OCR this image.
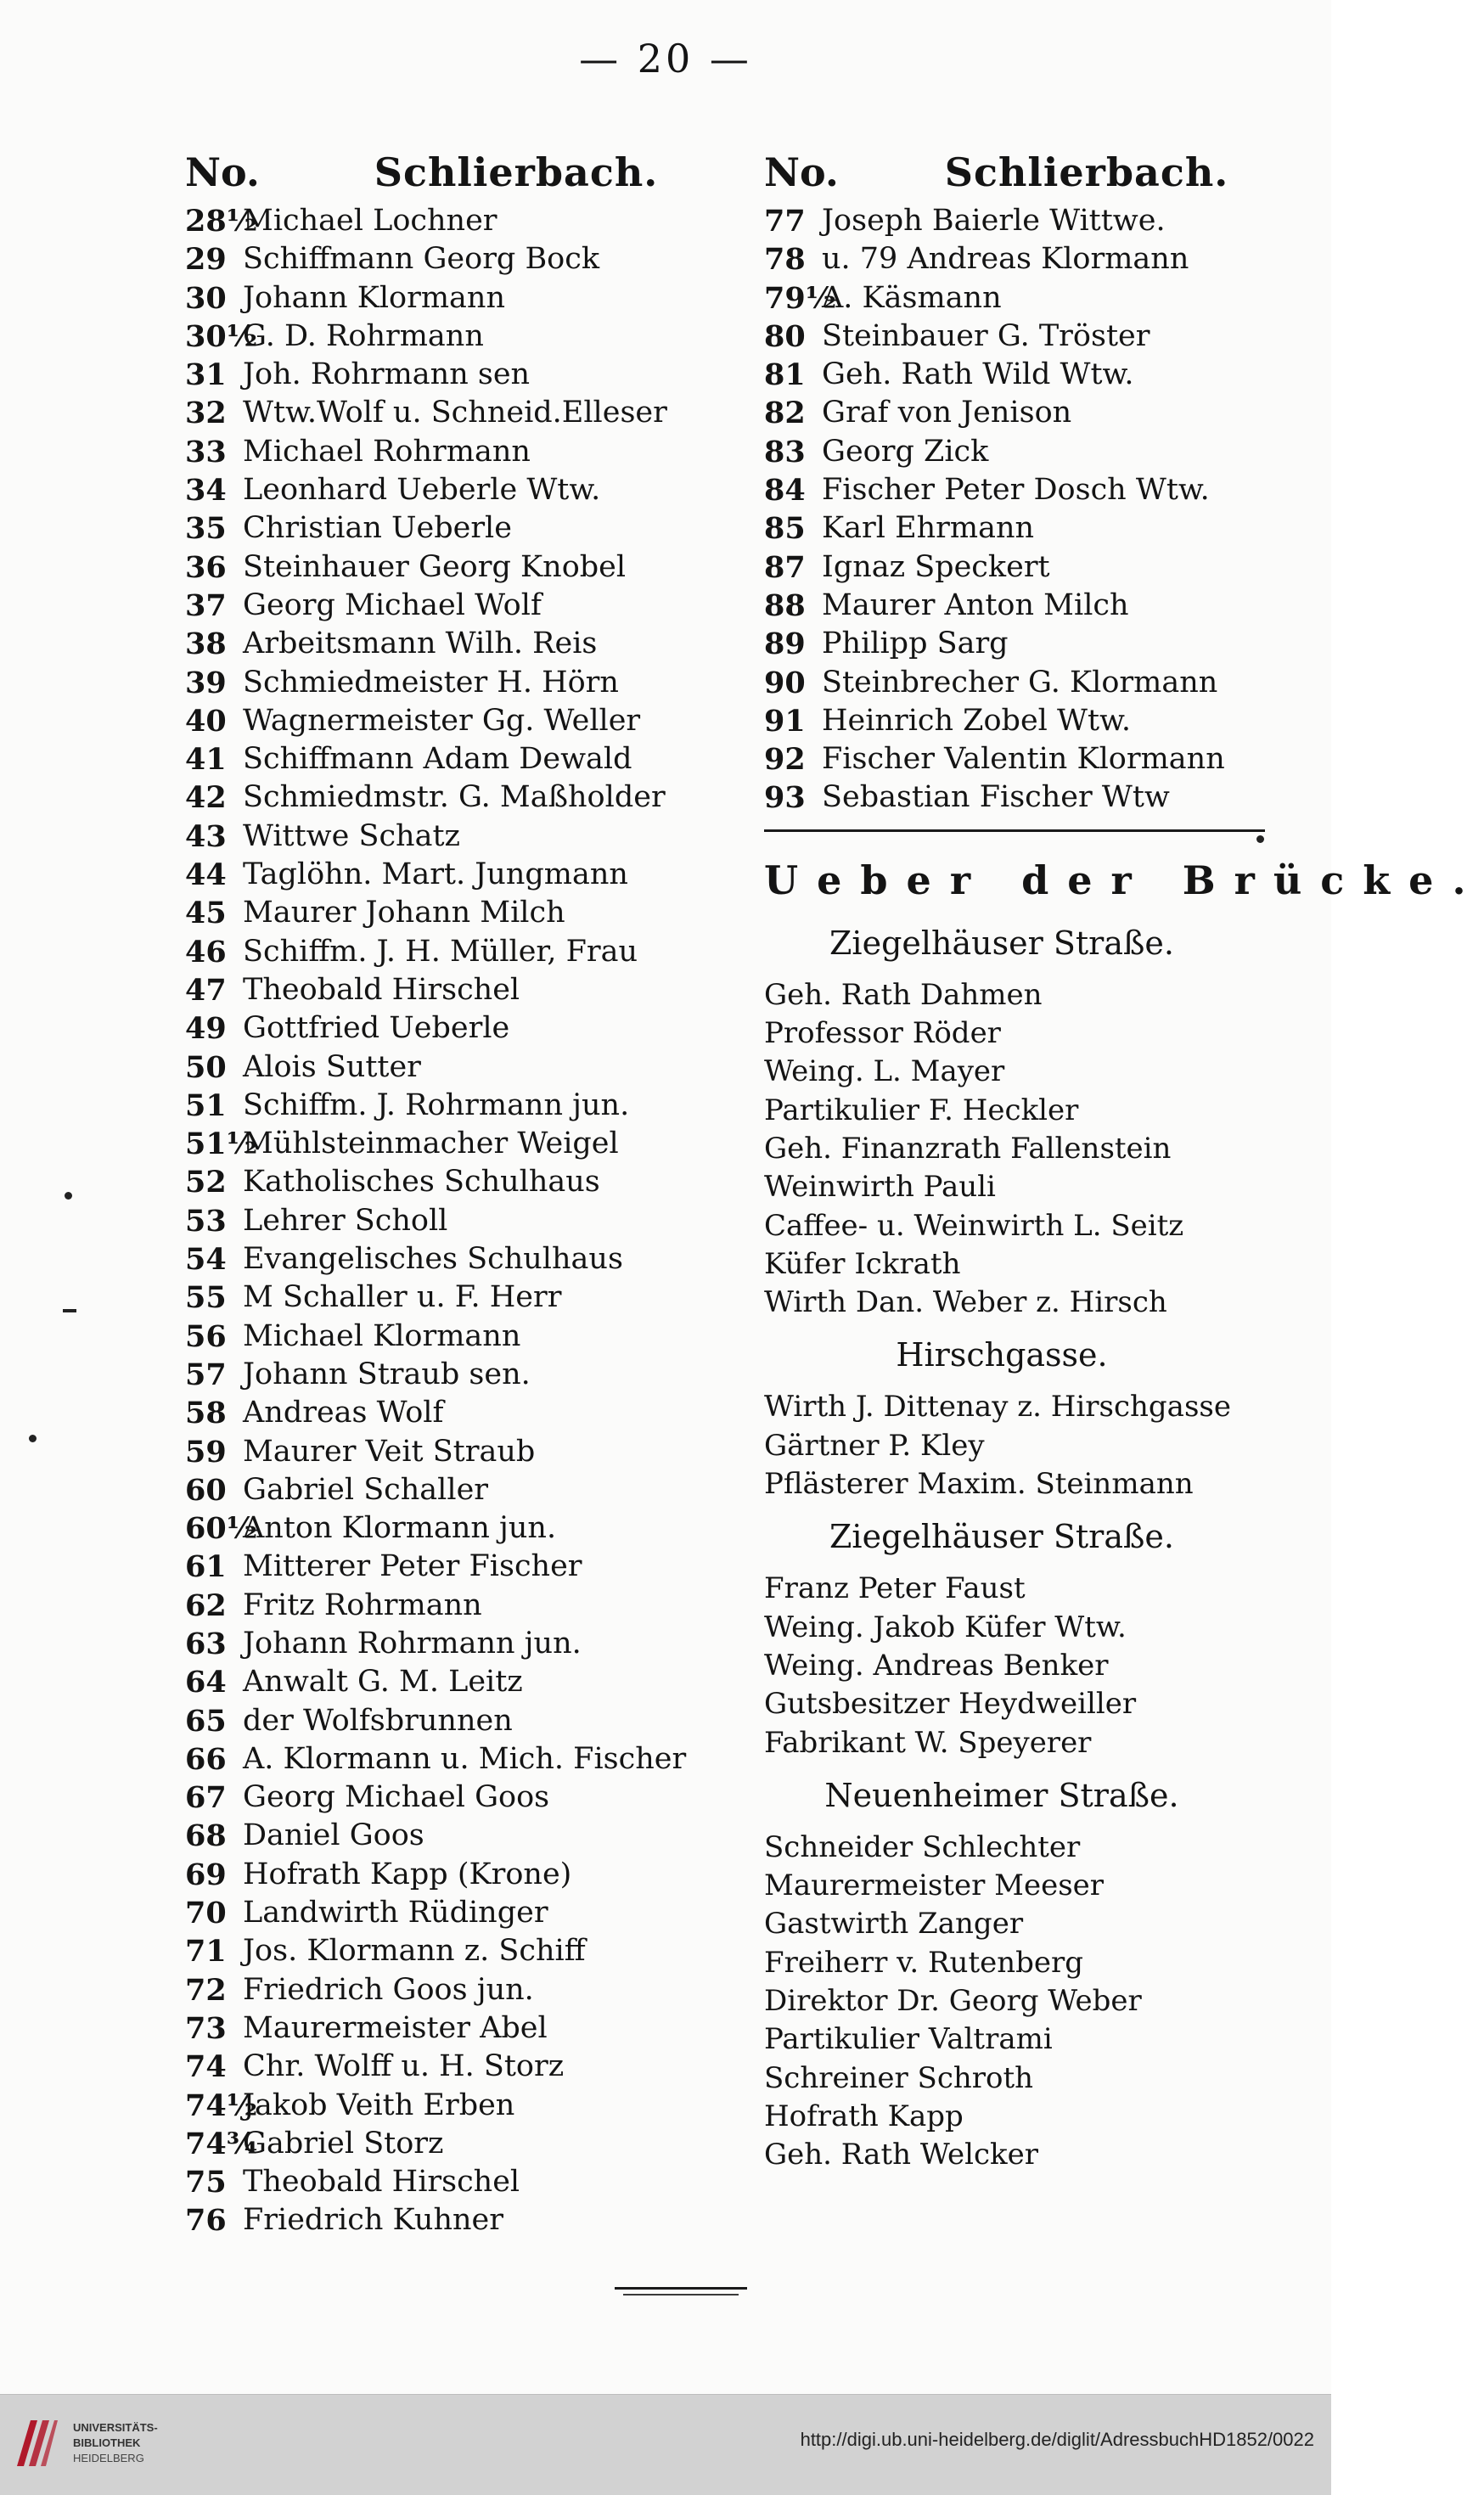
— 20 —
No.	Schlierbach.
28½
Michael Lochner
29 Schiffmann Georg Bock
30 Johann Klormann
30½
G. D. Rohrmann
31 Joh. Rohrmann sen
32 Wtw.Wolf u. Schneid.Elleser
33 Michael Rohrmann
34 Leonhard Ueberle Wtw.
35 Christian Ueberle
36 Steinhauer Georg Knobel
37 Georg Michael Wolf
38 Arbeitsmann Wilh. Reis
39 Schmiedmeister H. Hörn
40 Wagnermeister Gg. Weller
41 Schiffmann Adam Dewald
42 Schmiedmstr. G. Maßholder
43 Wittwe Schatz
44 Taglöhn. Mart. Jungmann
45 Maurer Johann Milch
46 Schiffm. J. H. Müller, Frau
47 Theobald Hirschel
49 Gottfried Ueberle
50 Alois Sutter
51 Schiffm. J. Rohrmann jun.
51½
Mühlsteinmacher Weigel
52 Katholisches Schulhaus
53 Lehrer Scholl
54 Evangelisches Schulhaus
55 M Schaller u. F. Herr
56 Michael Klormann
57 Johann Straub sen.
58 Andreas Wolf
59 Maurer Veit Straub
60 Gabriel Schaller
60½
Anton Klormann jun.
61 Mitterer Peter Fischer
62 Fritz Rohrmann
63 Johann Rohrmann jun.
64 Anwalt G. M. Leitz
65 der Wolfsbrunnen
66 A. Klormann u. Mich. Fischer
67 Georg Michael Goos
68 Daniel Goos
69 Hofrath Kapp (Krone)
70 Landwirth Rüdinger
71 Jos. Klormann z. Schiff
72 Friedrich Goos jun.
73 Maurermeister Abel
74 Chr. Wolff u. H. Storz
74½
Jakob Veith Erben
74¾
Gabriel Storz
75 Theobald Hirschel
76 Friedrich Kuhner
No.	Schlierbach.
77 Joseph Baierle Wittwe.
78 u. 79 Andreas Klormann
79½
A. Käsmann
80 Steinbauer G. Tröster
81 Geh. Rath Wild Wtw.
82 Graf von Jenison
83 Georg Zick
84 Fischer Peter Dosch Wtw.
85 Karl Ehrmann
87 Ignaz Speckert
88 Maurer Anton Milch
89 Philipp Sarg
90 Steinbrecher G. Klormann
91 Heinrich Zobel Wtw.
92 Fischer Valentin Klormann
93 Sebastian Fischer Wtw
Ueber der Brücke.
Ziegelhäuser Straße.
Geh. Rath Dahmen
Professor Röder
Weing. L. Mayer
Partikulier F. Heckler
Geh. Finanzrath Fallenstein
Weinwirth Pauli
Caffee- u. Weinwirth L. Seitz
Küfer Ickrath
Wirth Dan. Weber z. Hirsch
Hirschgasse.
Wirth J. Dittenay z. Hirschgasse
Gärtner P. Kley
Pflästerer Maxim. Steinmann
Ziegelhäuser Straße.
Franz Peter Faust
Weing. Jakob Küfer Wtw.
Weing. Andreas Benker
Gutsbesitzer Heydweiller
Fabrikant W. Speyerer
Neuenheimer Straße.
Schneider Schlechter
Maurermeister Meeser
Gastwirth Zanger
Freiherr v. Rutenberg
Direktor Dr. Georg Weber
Partikulier Valtrami
Schreiner Schroth
Hofrath Kapp
Geh. Rath Welcker
UNIVERSITÄTS-
BIBLIOTHEK
HEIDELBERG
http://digi.ub.uni-heidelberg.de/diglit/AdressbuchHD1852/0022
